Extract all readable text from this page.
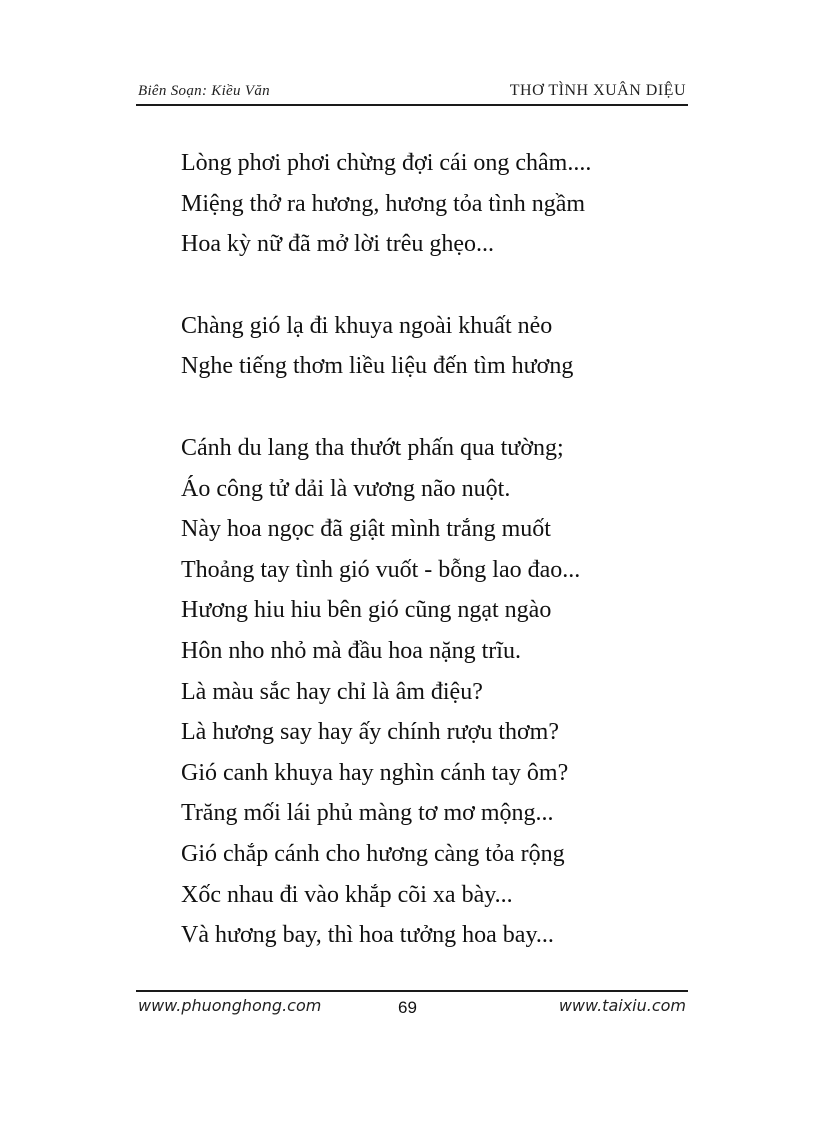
Biên Soạn: Kiều Văn	THƠ TÌNH XUÂN DIỆU
Lòng phơi phơi chừng đợi cái ong châm....
Miệng thở ra hương, hương tỏa tình ngầm
Hoa kỳ nữ đã mở lời trêu ghẹo...
Chàng gió lạ đi khuya ngoài khuất nẻo
Nghe tiếng thơm liều liệu đến tìm hương
Cánh du lang tha thướt phấn qua tường;
Áo công tử dải là vương não nuột.
Này hoa ngọc đã giật mình trắng muốt
Thoảng tay tình gió vuốt - bỗng lao đao...
Hương hiu hiu bên gió cũng ngạt ngào
Hôn nho nhỏ mà đầu hoa nặng trĩu.
Là màu sắc hay chỉ là âm điệu?
Là hương say hay ấy chính rượu thơm?
Gió canh khuya hay nghìn cánh tay ôm?
Trăng mối lái phủ màng tơ mơ mộng...
Gió chắp cánh cho hương càng tỏa rộng
Xốc nhau đi vào khắp cõi xa bày...
Và hương bay, thì hoa tưởng hoa bay...
www.phuonghong.com	69	www.taixiu.com
